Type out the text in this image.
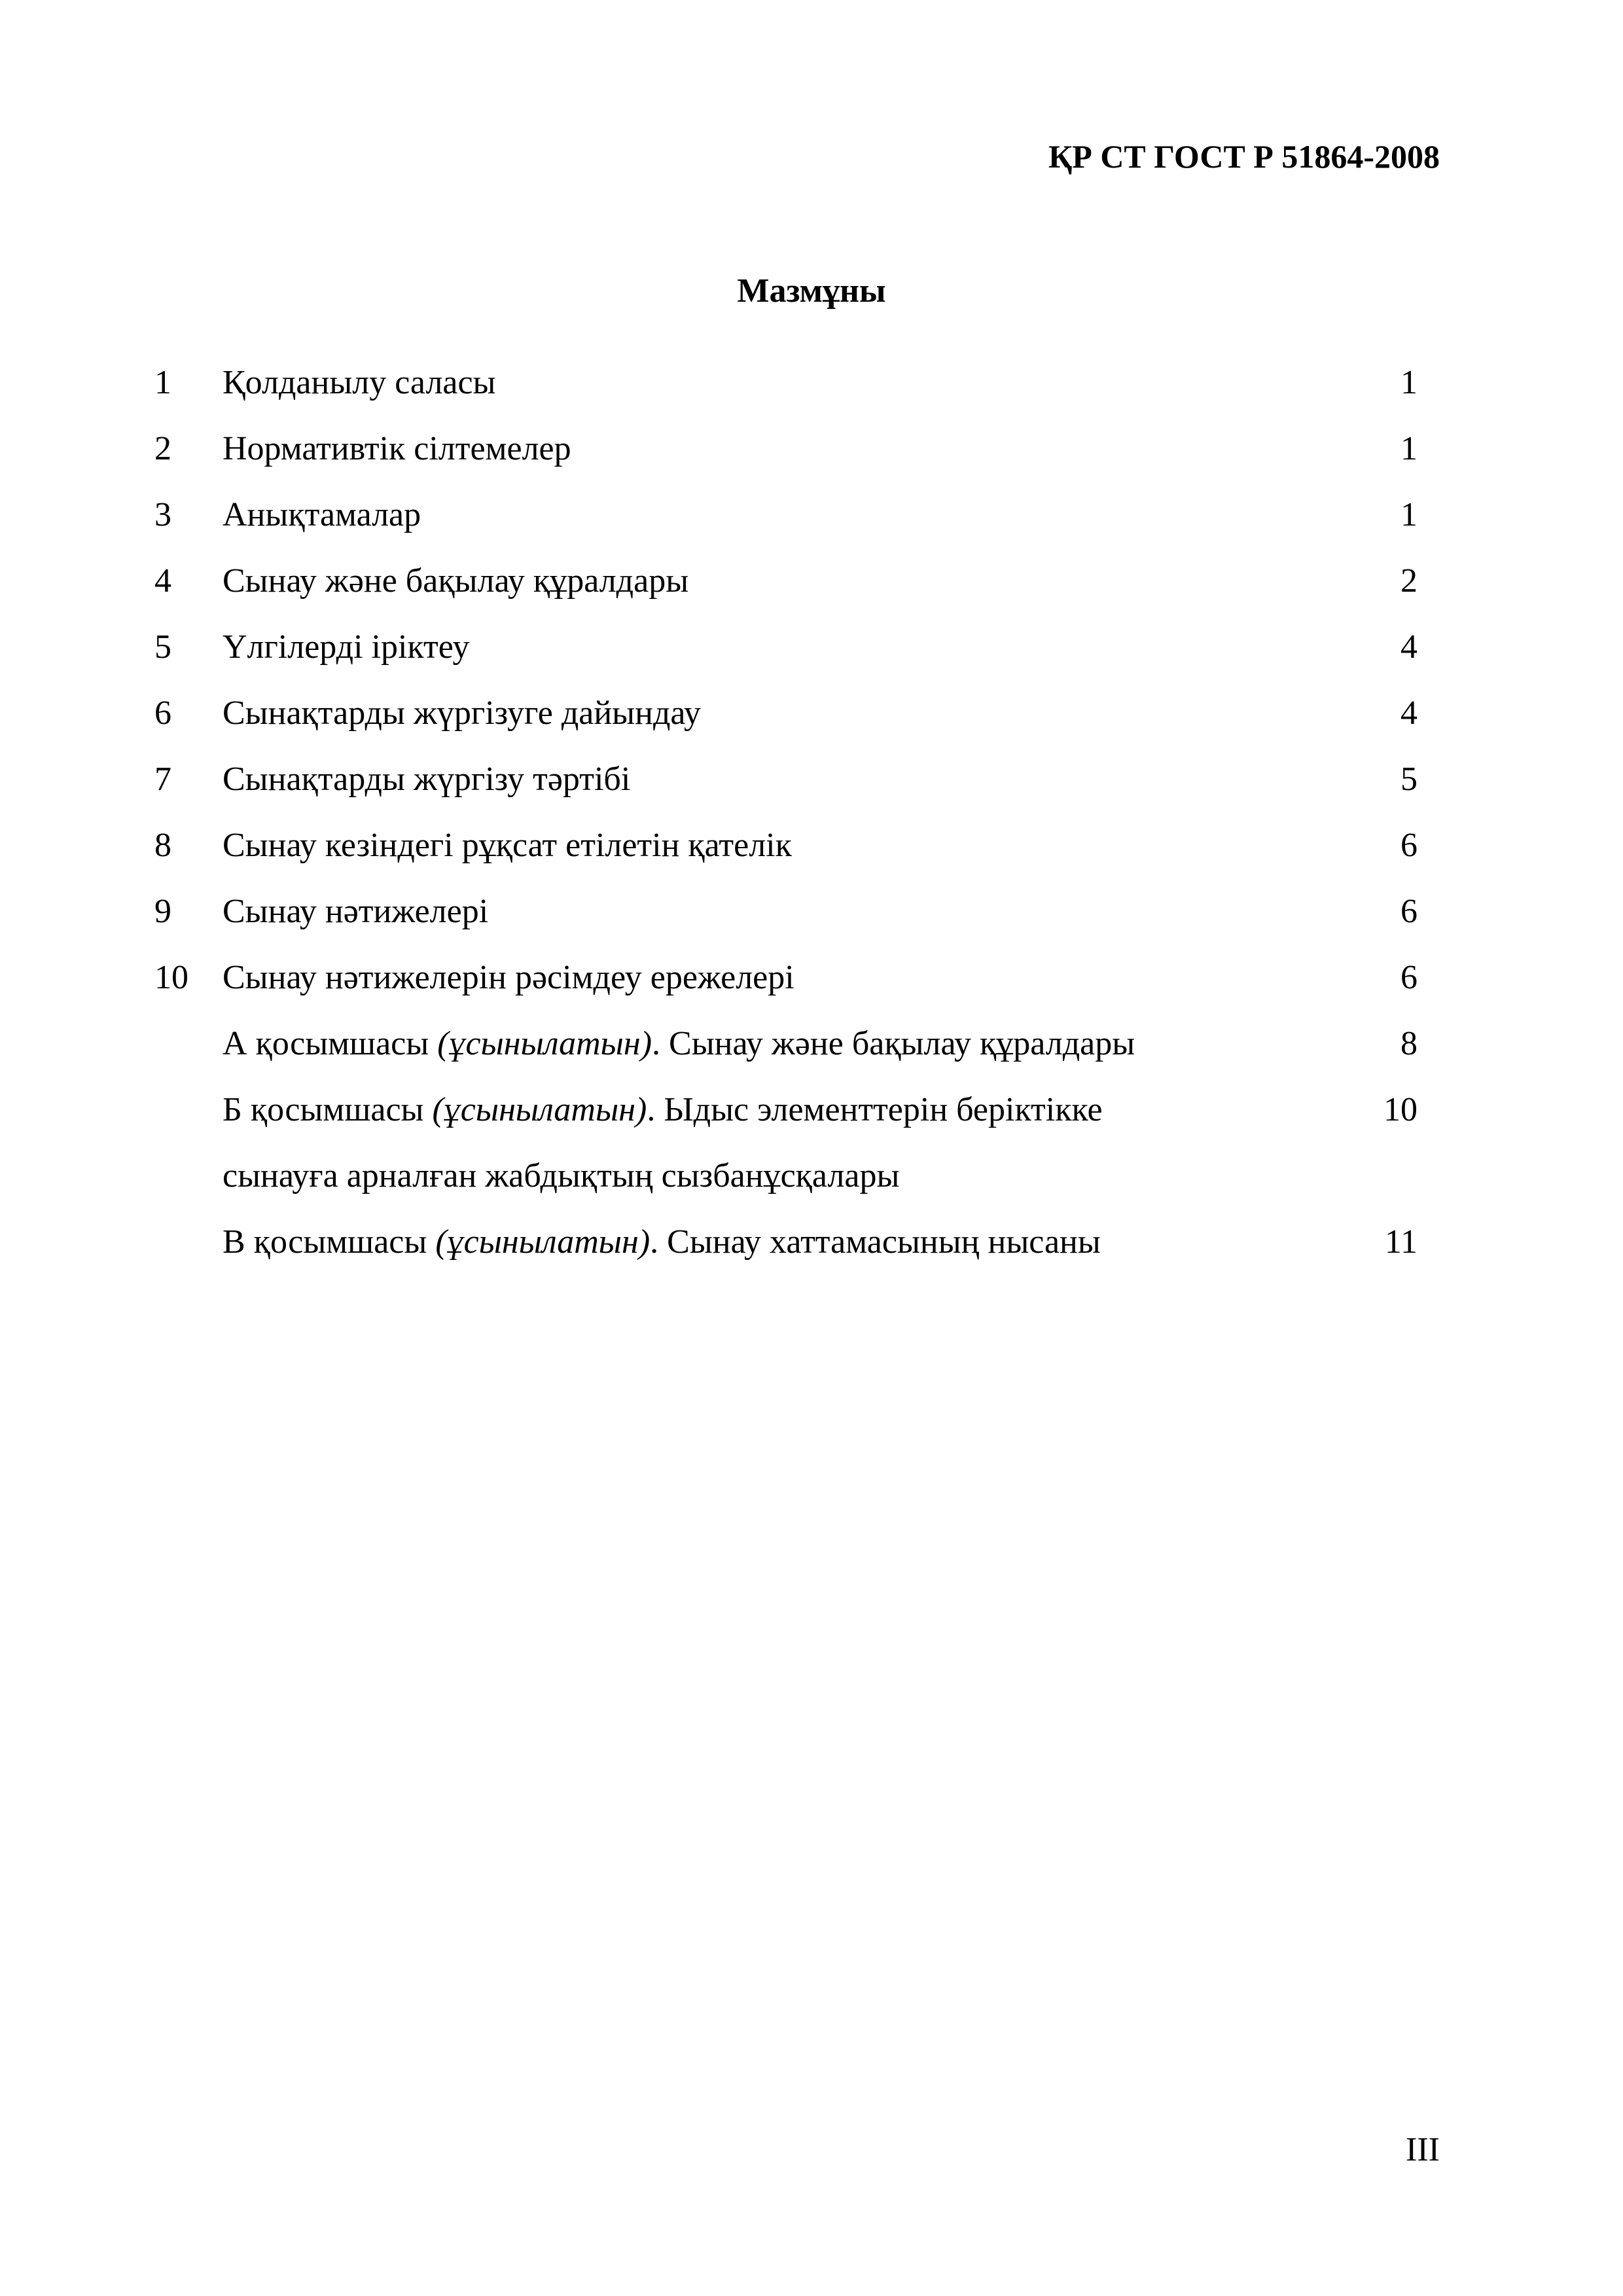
ҚР СТ ГОСТ Р 51864-2008
Мазмұны
1 Қолданылу саласы	1
2 Нормативтік сілтемелер	1
3 Анықтамалар	1
4 Сынау және бақылау құралдары	2
5 Үлгілерді іріктеу	4
6 Сынақтарды жүргізуге дайындау	4
7 Сынақтарды жүргізу тәртібі	5
8 Сынау кезіндегі рұқсат етілетін қателік	6
9 Сынау нәтижелері	6
10 Сынау нәтижелерін рәсімдеу ережелері	6
А қосымшасы (ұсынылатын). Сынау және бақылау құралдары	8
Б қосымшасы (ұсынылатын). Ыдыс элементтерін беріктікке	10
сынауға арналған жабдықтың сызбанұсқалары
В қосымшасы (ұсынылатын). Сынау хаттамасының нысаны	11
III
